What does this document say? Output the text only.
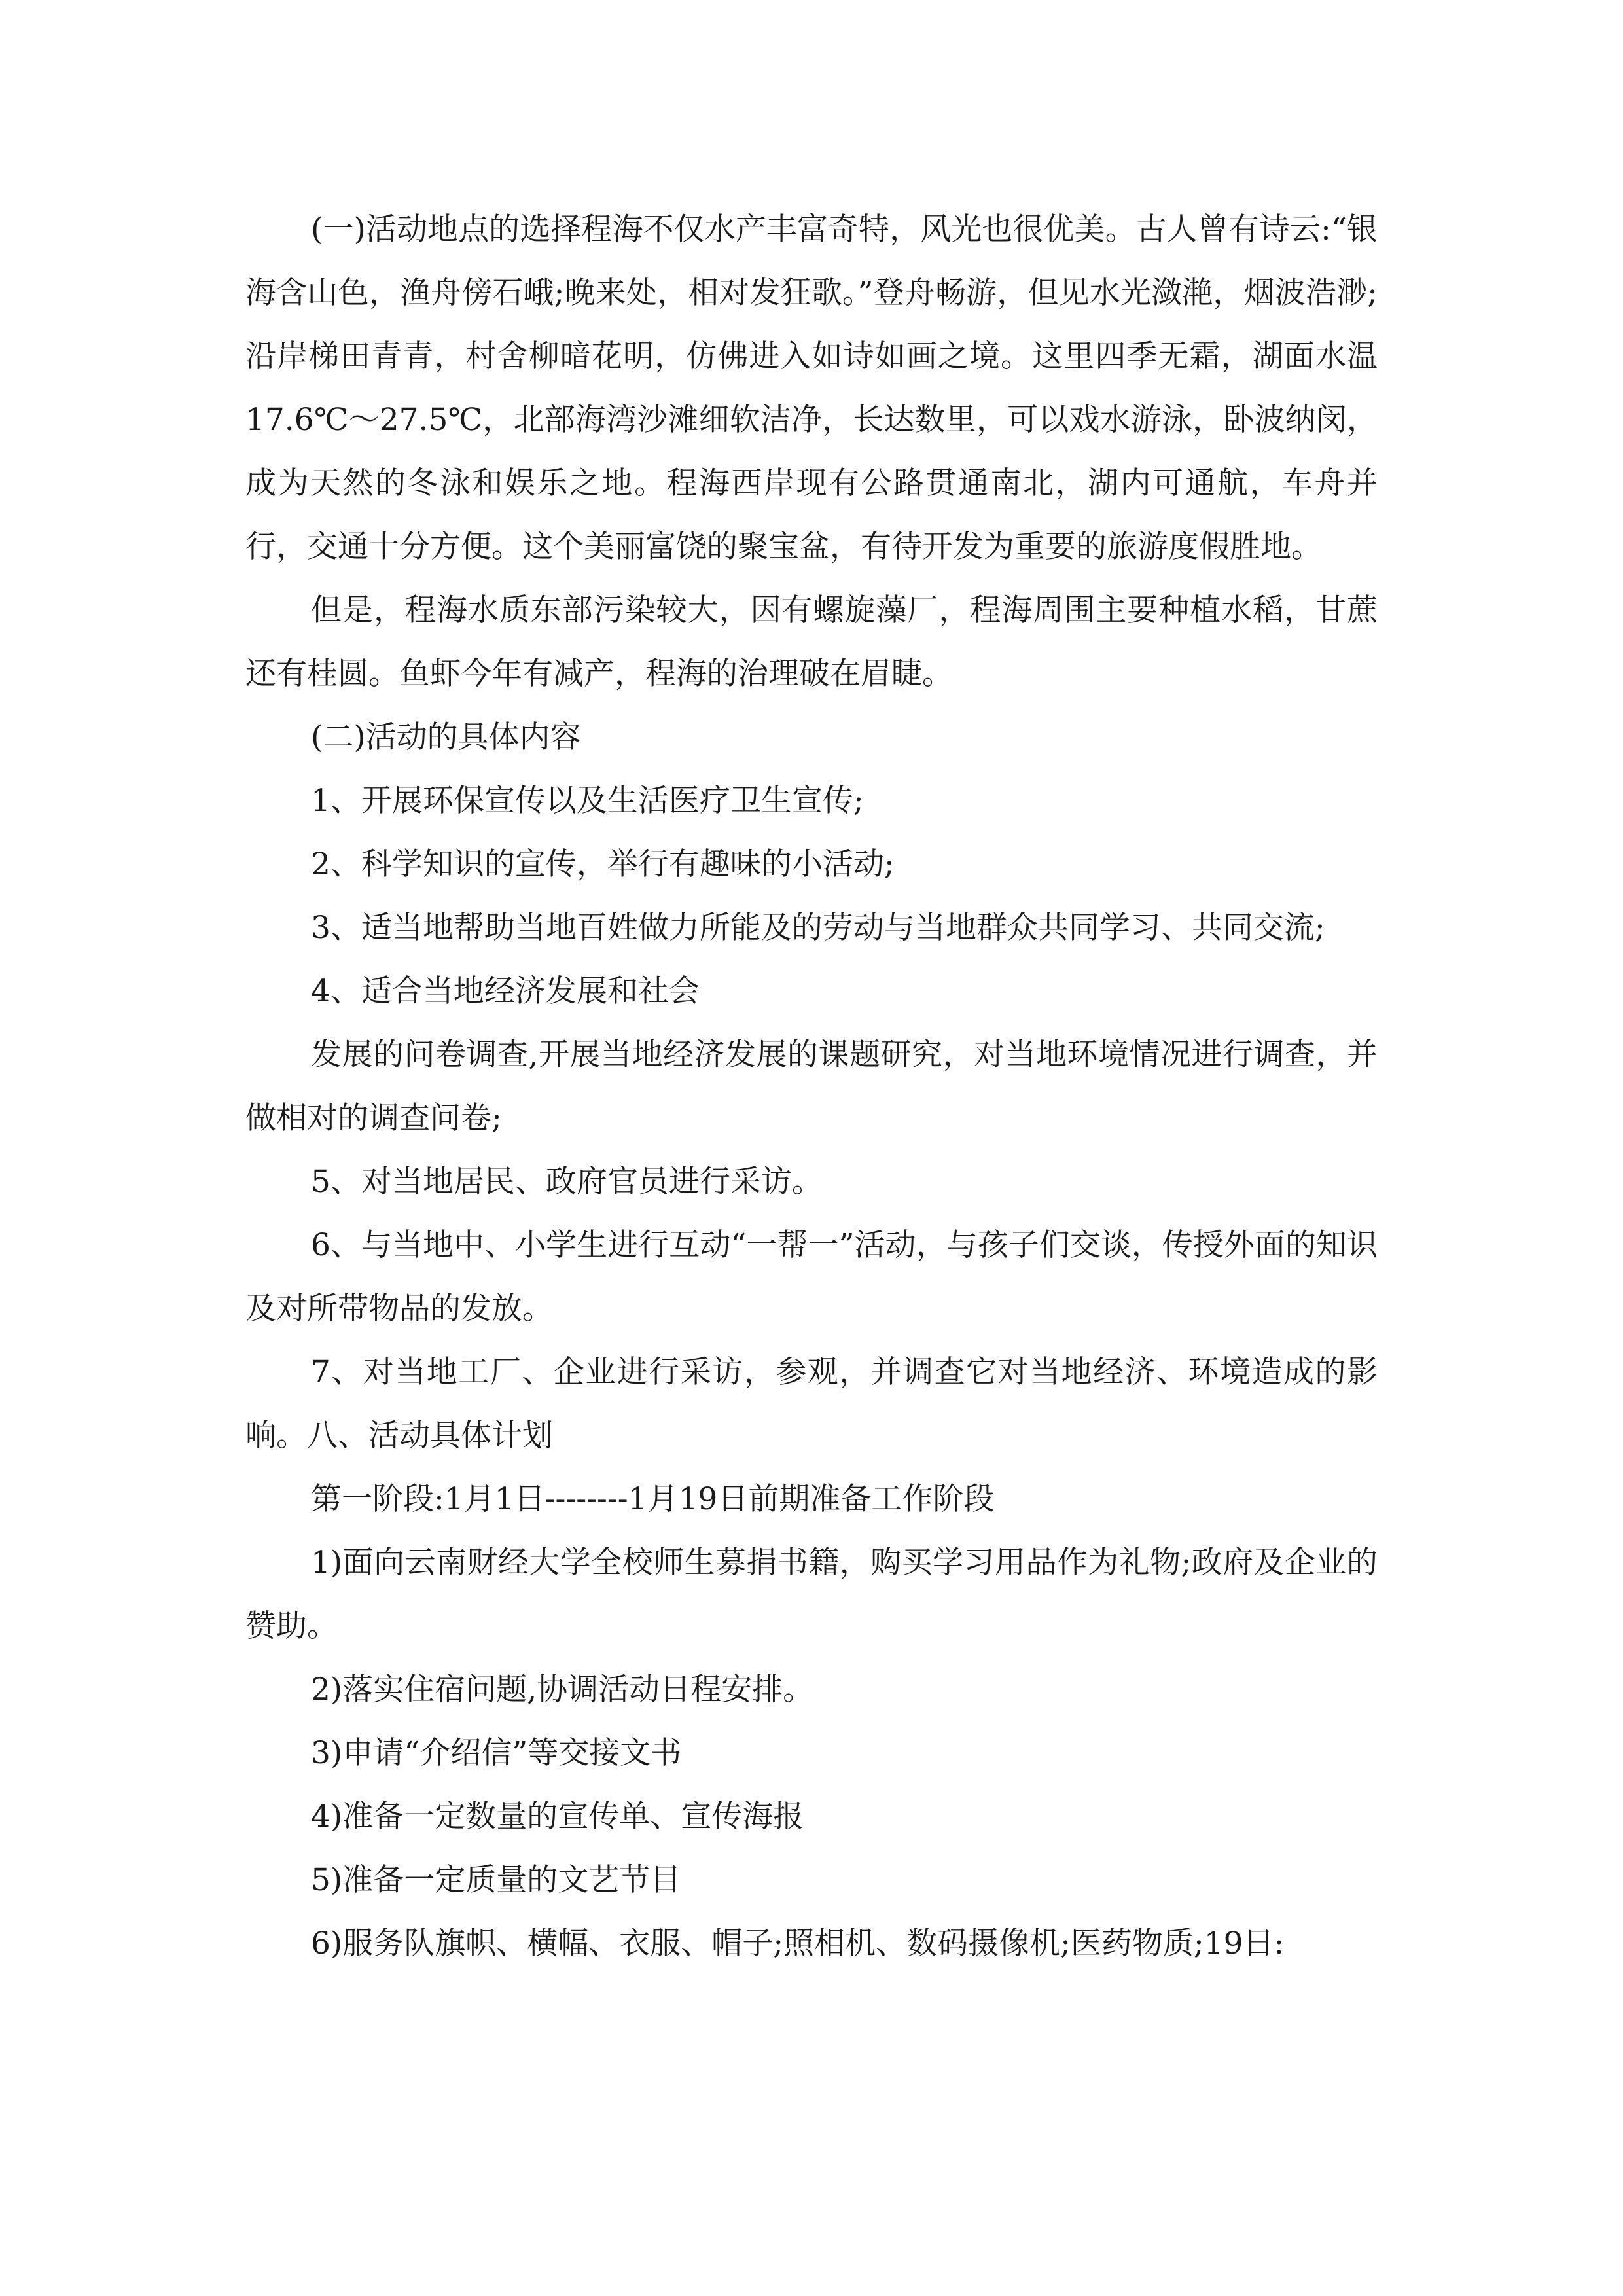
(一)活动地点的选择程海不仅水产丰富奇特，风光也很优美。古人曾有诗云:“银海含山色，渔舟傍石峨;晚来处，相对发狂歌。”登舟畅游，但见水光潋滟，烟波浩渺;沿岸梯田青青，村舍柳暗花明，仿佛进入如诗如画之境。这里四季无霜，湖面水温17.6℃～27.5℃，北部海湾沙滩细软洁净，长达数里，可以戏水游泳，卧波纳闵，成为天然的冬泳和娱乐之地。程海西岸现有公路贯通南北，湖内可通航，车舟并行，交通十分方便。这个美丽富饶的聚宝盆，有待开发为重要的旅游度假胜地。

但是，程海水质东部污染较大，因有螺旋藻厂，程海周围主要种植水稻，甘蔗还有桂圆。鱼虾今年有减产，程海的治理破在眉睫。

(二)活动的具体内容

1、开展环保宣传以及生活医疗卫生宣传;

2、科学知识的宣传，举行有趣味的小活动;

3、适当地帮助当地百姓做力所能及的劳动与当地群众共同学习、共同交流;

4、适合当地经济发展和社会

发展的问卷调查,开展当地经济发展的课题研究，对当地环境情况进行调查，并做相对的调查问卷;

5、对当地居民、政府官员进行采访。

6、与当地中、小学生进行互动“一帮一”活动，与孩子们交谈，传授外面的知识及对所带物品的发放。

7、对当地工厂、企业进行采访，参观，并调查它对当地经济、环境造成的影响。八、活动具体计划

第一阶段:1月1日--------1月19日前期准备工作阶段

1)面向云南财经大学全校师生募捐书籍，购买学习用品作为礼物;政府及企业的赞助。

2)落实住宿问题,协调活动日程安排。

3)申请“介绍信”等交接文书

4)准备一定数量的宣传单、宣传海报

5)准备一定质量的文艺节目

6)服务队旗帜、横幅、衣服、帽子;照相机、数码摄像机;医药物质;19日:
